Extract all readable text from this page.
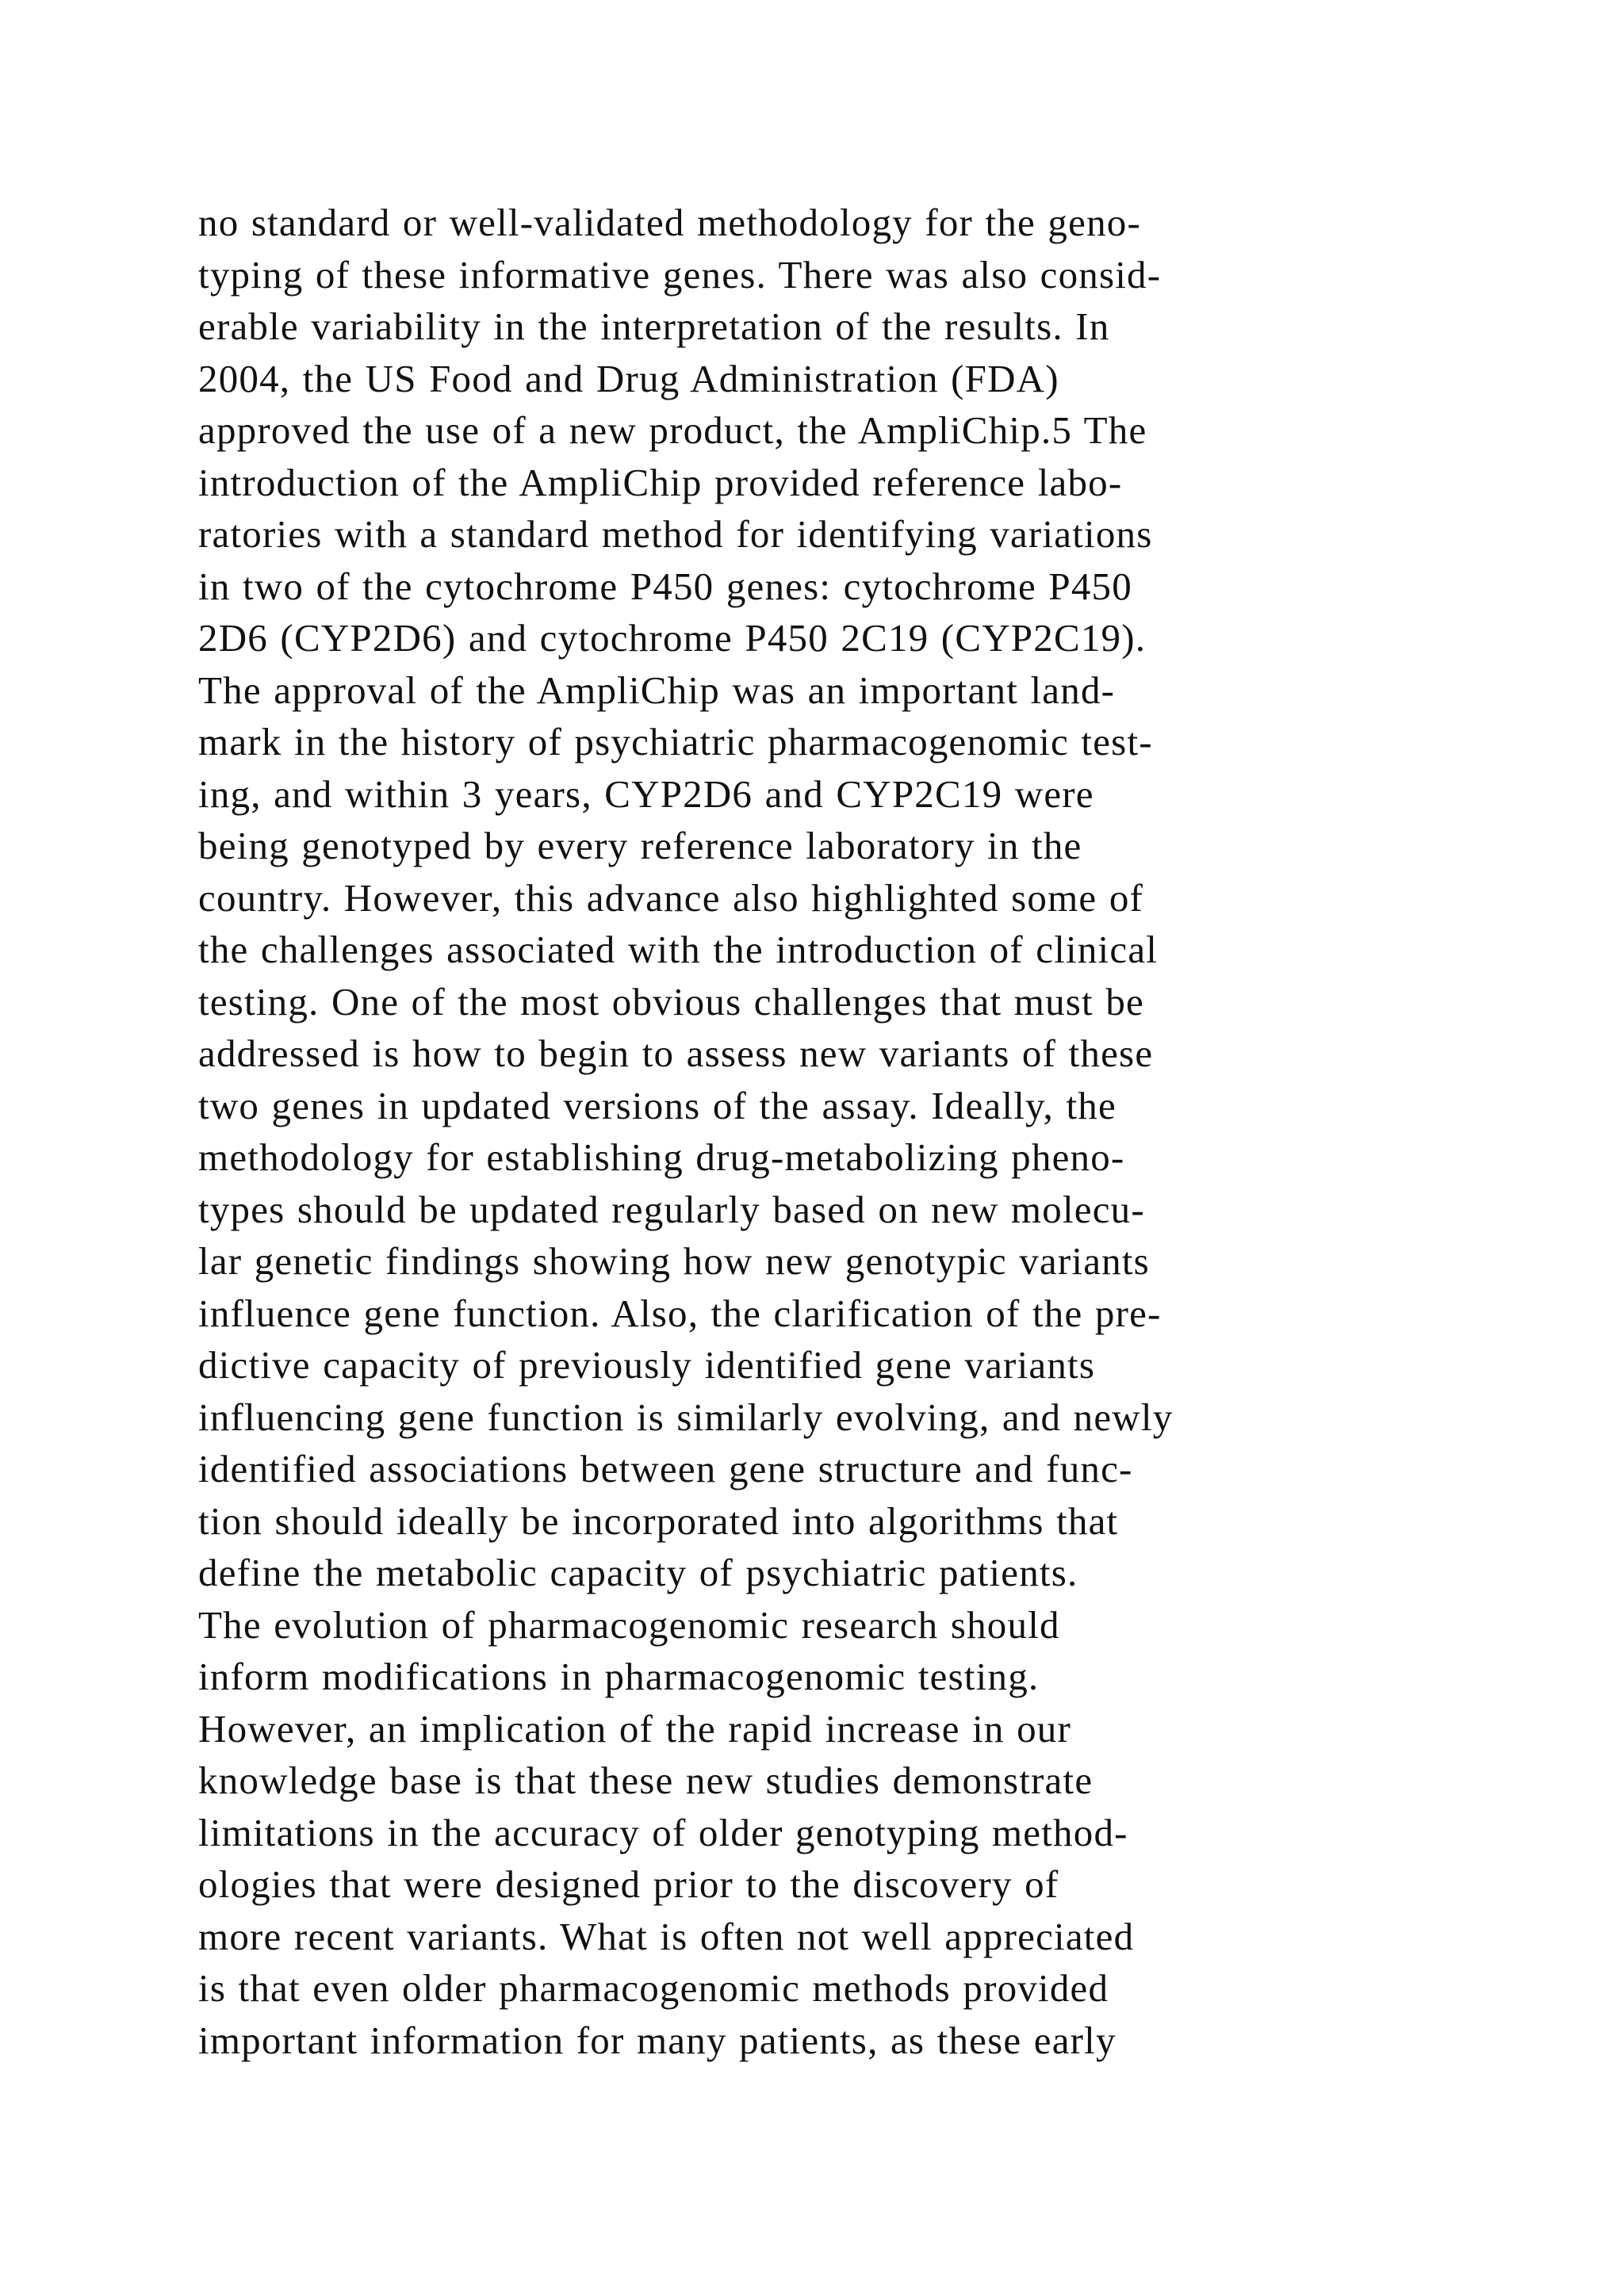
no standard or well-validated methodology for the geno-
typing of these informative genes. There was also consid-
erable variability in the interpretation of the results. In
2004, the US Food and Drug Administration (FDA)
approved the use of a new product, the AmpliChip.5 The
introduction of the AmpliChip provided reference labo-
ratories with a standard method for identifying variations
in two of the cytochrome P450 genes: cytochrome P450
2D6 (CYP2D6) and cytochrome P450 2C19 (CYP2C19).
The approval of the AmpliChip was an important land-
mark in the history of psychiatric pharmacogenomic test-
ing, and within 3 years, CYP2D6 and CYP2C19 were
being genotyped by every reference laboratory in the
country. However, this advance also highlighted some of
the challenges associated with the introduction of clinical
testing. One of the most obvious challenges that must be
addressed is how to begin to assess new variants of these
two genes in updated versions of the assay. Ideally, the
methodology for establishing drug-metabolizing pheno-
types should be updated regularly based on new molecu-
lar genetic findings showing how new genotypic variants
influence gene function. Also, the clarification of the pre-
dictive capacity of previously identified gene variants
influencing gene function is similarly evolving, and newly
identified associations between gene structure and func-
tion should ideally be incorporated into algorithms that
define the metabolic capacity of psychiatric patients.
The evolution of pharmacogenomic research should
inform modifications in pharmacogenomic testing.
However, an implication of the rapid increase in our
knowledge base is that these new studies demonstrate
limitations in the accuracy of older genotyping method-
ologies that were designed prior to the discovery of
more recent variants. What is often not well appreciated
is that even older pharmacogenomic methods provided
important information for many patients, as these early
